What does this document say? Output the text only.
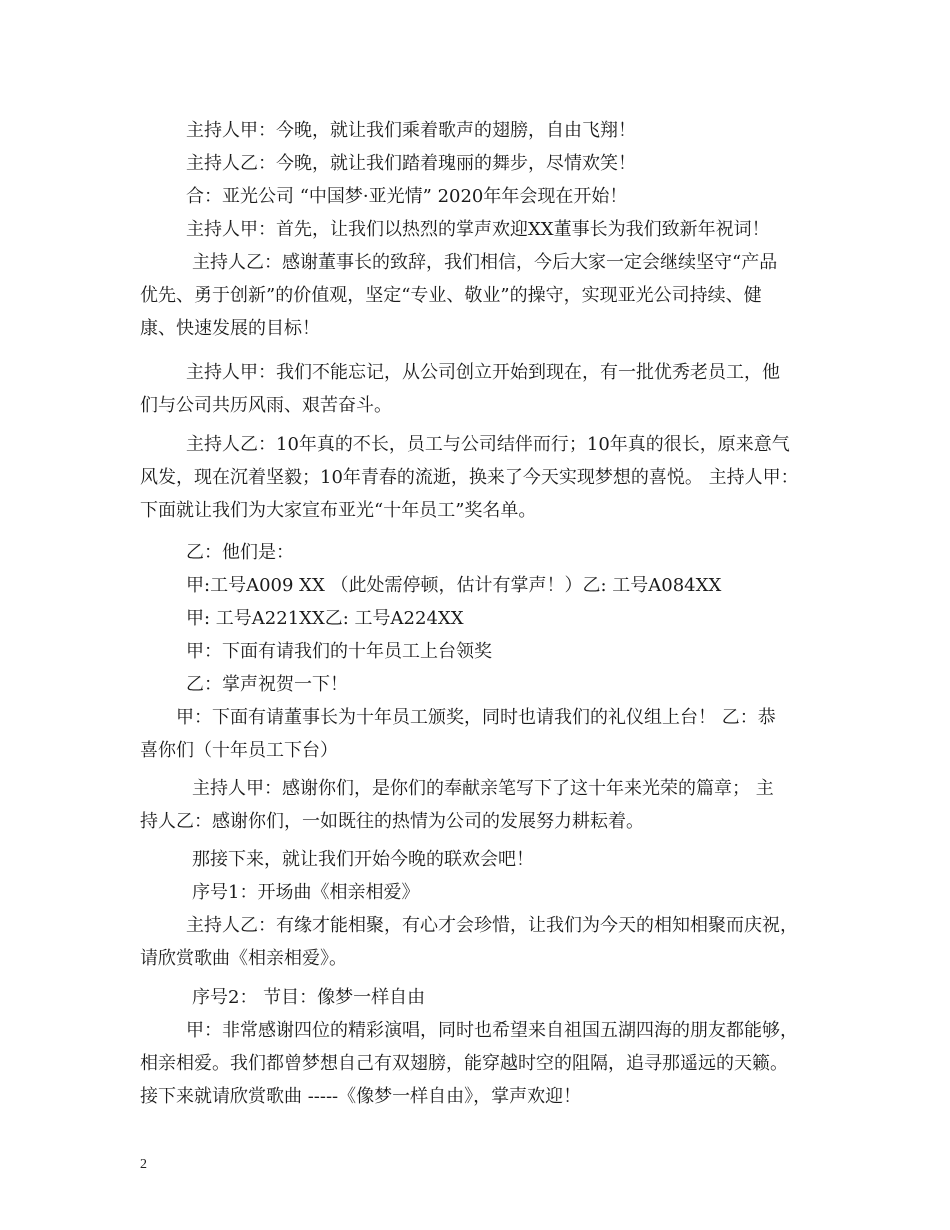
主持人甲：今晚，就让我们乘着歌声的翅膀，自由飞翔！

主持人乙：今晚，就让我们踏着瑰丽的舞步，尽情欢笑！

合：亚光公司 “中国梦·亚光情” 2020年年会现在开始！

主持人甲：首先，让我们以热烈的掌声欢迎XX董事长为我们致新年祝词！

主持人乙：感谢董事长的致辞，我们相信，今后大家一定会继续坚守“产品
优先、勇于创新”的价值观，坚定“专业、敬业”的操守，实现亚光公司持续、健
康、快速发展的目标！

主持人甲：我们不能忘记，从公司创立开始到现在，有一批优秀老员工，他
们与公司共历风雨、艰苦奋斗。

主持人乙：10年真的不长，员工与公司结伴而行；10年真的很长，原来意气
风发，现在沉着坚毅；10年青春的流逝，换来了今天实现梦想的喜悦。 主持人甲：
下面就让我们为大家宣布亚光“十年员工”奖名单。

乙：他们是：

甲:工号A009 XX （此处需停顿，估计有掌声！）乙: 工号A084XX

甲: 工号A221XX乙: 工号A224XX

甲：下面有请我们的十年员工上台领奖

乙：掌声祝贺一下！

甲：下面有请董事长为十年员工颁奖，同时也请我们的礼仪组上台！ 乙：恭
喜你们（十年员工下台）

主持人甲：感谢你们，是你们的奉献亲笔写下了这十年来光荣的篇章； 主
持人乙：感谢你们，一如既往的热情为公司的发展努力耕耘着。

那接下来，就让我们开始今晚的联欢会吧！

序号1：开场曲《相亲相爱》

主持人乙：有缘才能相聚，有心才会珍惜，让我们为今天的相知相聚而庆祝，
请欣赏歌曲《相亲相爱》。

序号2： 节目：像梦一样自由

甲：非常感谢四位的精彩演唱，同时也希望来自祖国五湖四海的朋友都能够，
相亲相爱。我们都曾梦想自己有双翅膀，能穿越时空的阻隔，追寻那遥远的天籁。
接下来就请欣赏歌曲 -----《像梦一样自由》，掌声欢迎！

2
